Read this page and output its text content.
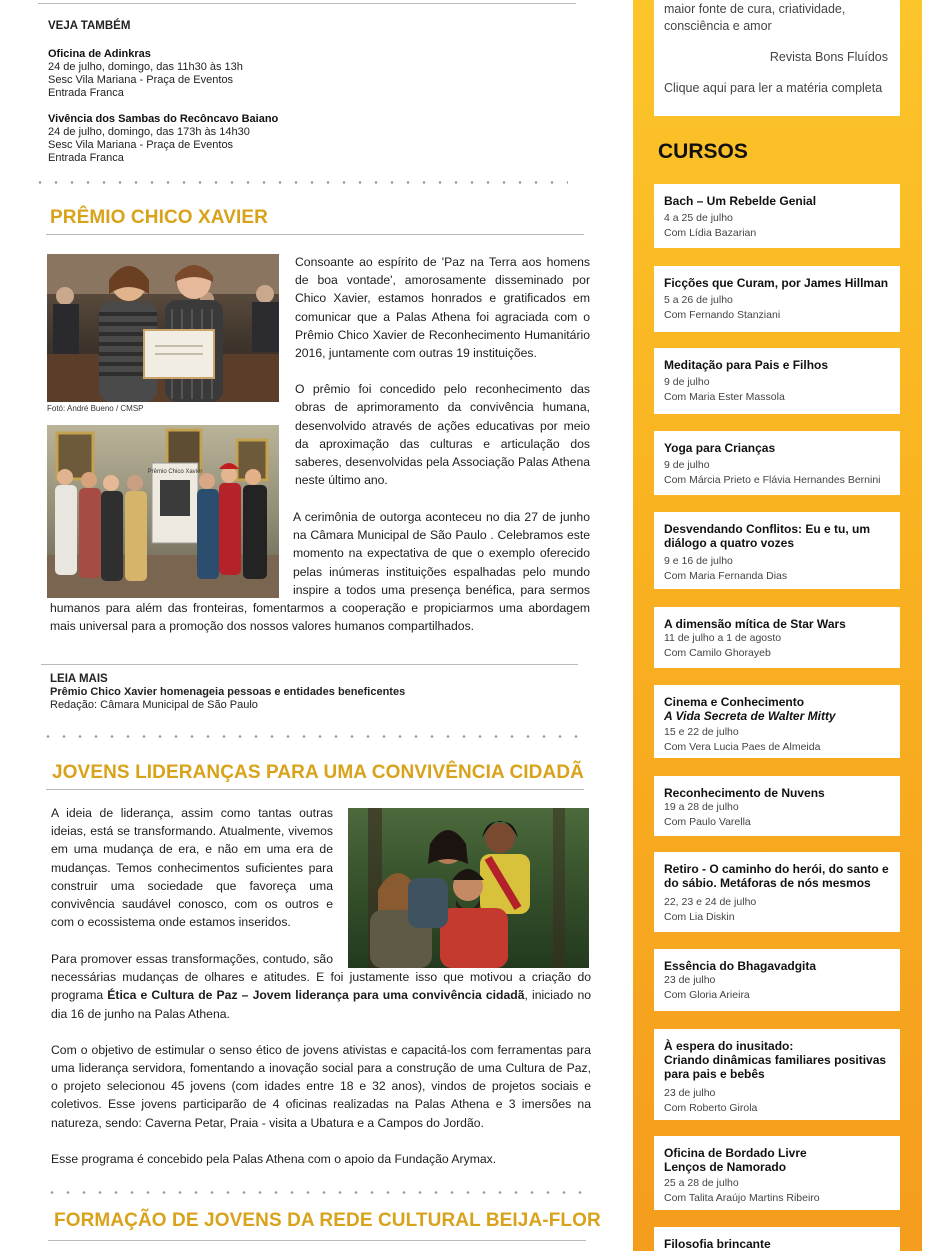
VEJA TAMBÉM
Oficina de Adinkras
24 de julho, domingo, das 11h30 às 13h
Sesc Vila Mariana - Praça de Eventos
Entrada Franca
Vivência dos Sambas do Recôncavo Baiano
24 de julho, domingo, das 173h às 14h30
Sesc Vila Mariana - Praça de Eventos
Entrada Franca
PRÊMIO CHICO XAVIER
Fotó: André Bueno / CMSP
Prêmio Chico Xavier

Consoante ao espírito de 'Paz na Terra aos homens de boa vontade', amorosamente disseminado por Chico Xavier, estamos honrados e gratificados em comunicar que a Palas Athena foi agraciada com o Prêmio Chico Xavier de Reconhecimento Humanitário 2016, juntamente com outras 19 instituições.

O prêmio foi concedido pelo reconhecimento das obras de aprimoramento da convivência humana, desenvolvido através de ações educativas por meio da aproximação das culturas e articulação dos saberes, desenvolvidas pela Associação Palas Athena neste último ano.

A cerimônia de outorga aconteceu no dia 27 de junho na Câmara Municipal de São Paulo . Celebramos este momento na expectativa de que o exemplo oferecido pelas inúmeras instituições espalhadas pelo mundo inspire a todos uma presença benéfica, para sermos humanos para além das fronteiras, fomentarmos a cooperação e propiciarmos uma abordagem mais universal para a promoção dos nossos valores humanos compartilhados.

LEIA MAIS
Prêmio Chico Xavier homenageia pessoas e entidades beneficentes
Redação: Câmara Municipal de São Paulo
JOVENS LIDERANÇAS PARA UMA CONVIVÊNCIA CIDADÃ

A ideia de liderança, assim como tantas outras ideias, está se transformando. Atualmente, vivemos em uma mudança de era, e não em uma era de mudanças. Temos conhecimentos suficientes para construir uma sociedade que favoreça uma convivência saudável conosco, com os outros e com o ecossistema onde estamos inseridos.

Para promover essas transformações, contudo, são necessárias mudanças de olhares e atitudes. E foi justamente isso que motivou a criação do programa Ética e Cultura de Paz – Jovem liderança para uma convivência cidadã, iniciado no dia 16 de junho na Palas Athena.

Com o objetivo de estimular o senso ético de jovens ativistas e capacitá-los com ferramentas para uma liderança servidora, fomentando a inovação social para a construção de uma Cultura de Paz, o projeto selecionou 45 jovens (com idades entre 18 e 32 anos), vindos de projetos sociais e coletivos. Esse jovens participarão de 4 oficinas realizadas na Palas Athena e 3 imersões na natureza, sendo: Caverna Petar, Praia - visita a Ubatura e a Campos do Jordão.

Esse programa é concebido pela Palas Athena com o apoio da Fundação Arymax.

FORMAÇÃO DE JOVENS DA REDE CULTURAL BEIJA-FLOR
maior fonte de cura, criatividade,
consciência e amor
Revista Bons Fluídos
Clique aqui para ler a matéria completa
CURSOS
Bach – Um Rebelde Genial
4 a 25 de julho
Com Lídia Bazarian
Ficções que Curam, por James Hillman
5 a 26 de julho
Com Fernando Stanziani
Meditação para Pais e Filhos
9 de julho
Com Maria Ester Massola
Yoga para Crianças
9 de julho
Com Márcia Prieto e Flávia Hernandes Bernini
Desvendando Conflitos: Eu e tu, um
diálogo a quatro vozes
9 e 16 de julho
Com Maria Fernanda Dias
A dimensão mítica de Star Wars
11 de julho a 1 de agosto
Com Camilo Ghorayeb
Cinema e Conhecimento
A Vida Secreta de Walter Mitty
15 e 22 de julho
Com Vera Lucia Paes de Almeida
Reconhecimento de Nuvens
19 a 28 de julho
Com Paulo Varella
Retiro - O caminho do herói, do santo e
do sábio. Metáforas de nós mesmos
22, 23 e 24 de julho
Com Lia Diskin
Essência do Bhagavadgita
23 de julho
Com Gloria Arieira
À espera do inusitado:
Criando dinâmicas familiares positivas
para pais e bebês
23 de julho
Com Roberto Girola
Oficina de Bordado Livre
Lenços de Namorado
25 a 28 de julho
Com Talita Araújo Martins Ribeiro
Filosofia brincante
